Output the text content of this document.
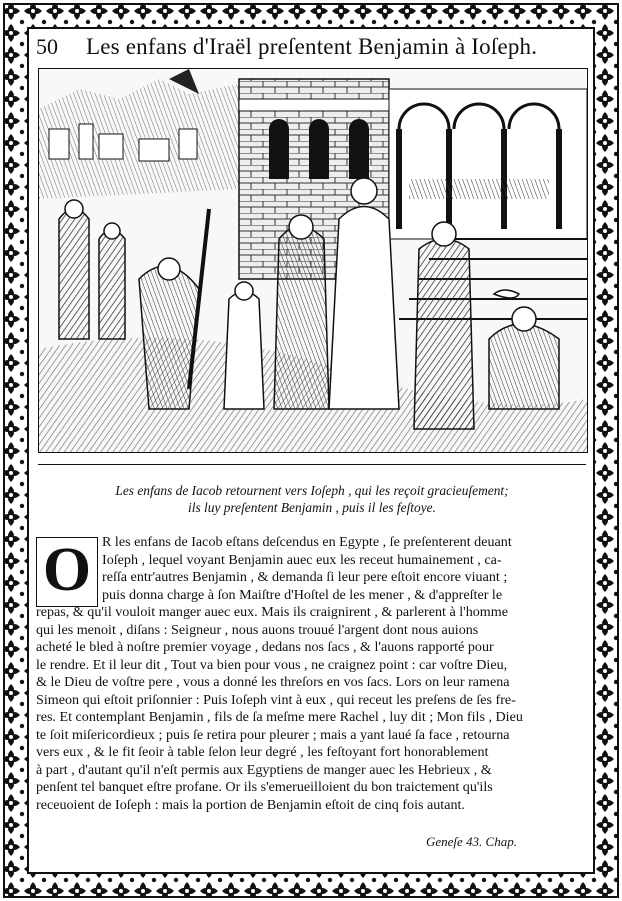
50 Les enfans d'Iraël preſentent Benjamin à Ioſeph.
Les enfans de Iacob retournent vers Ioſeph , qui les reçoit gracieuſement;
ils luy preſentent Benjamin , puis il les feſtoye.
O R les enfans de Iacob eſtans deſcendus en Egypte , ſe preſenterent deuant
Ioſeph , lequel voyant Benjamin auec eux les receut humainement , ca-
reſſa entr'autres Benjamin , & demanda ſi leur pere eſtoit encore viuant ;
puis donna charge à ſon Maiſtre d'Hoſtel de les mener , & d'appreſter le
repas, & qu'il vouloit manger auec eux. Mais ils craignirent , & parlerent à l'homme
qui les menoit , diſans : Seigneur , nous auons trouué l'argent dont nous auions
acheté le bled à noſtre premier voyage , dedans nos ſacs , & l'auons rapporté pour
le rendre. Et il leur dit , Tout va bien pour vous , ne craignez point : car voſtre Dieu,
& le Dieu de voſtre pere , vous a donné les threſors en vos ſacs. Lors on leur ramena
Simeon qui eſtoit priſonnier : Puis Ioſeph vint à eux , qui receut les preſens de ſes fre-
res. Et contemplant Benjamin , fils de ſa meſme mere Rachel , luy dit ; Mon fils , Dieu
te ſoit miſericordieux ; puis ſe retira pour pleurer ; mais a yant laué ſa face , retourna
vers eux , & le fit ſeoir à table ſelon leur degré , les feſtoyant fort honorablement
à part , d'autant qu'il n'eſt permis aux Egyptiens de manger auec les Hebrieux , &
penſent tel banquet eſtre profane. Or ils s'emerueilloient du bon traictement qu'ils
receuoient de Ioſeph : mais la portion de Benjamin eſtoit de cinq fois autant.
Geneſe 43. Chap.
